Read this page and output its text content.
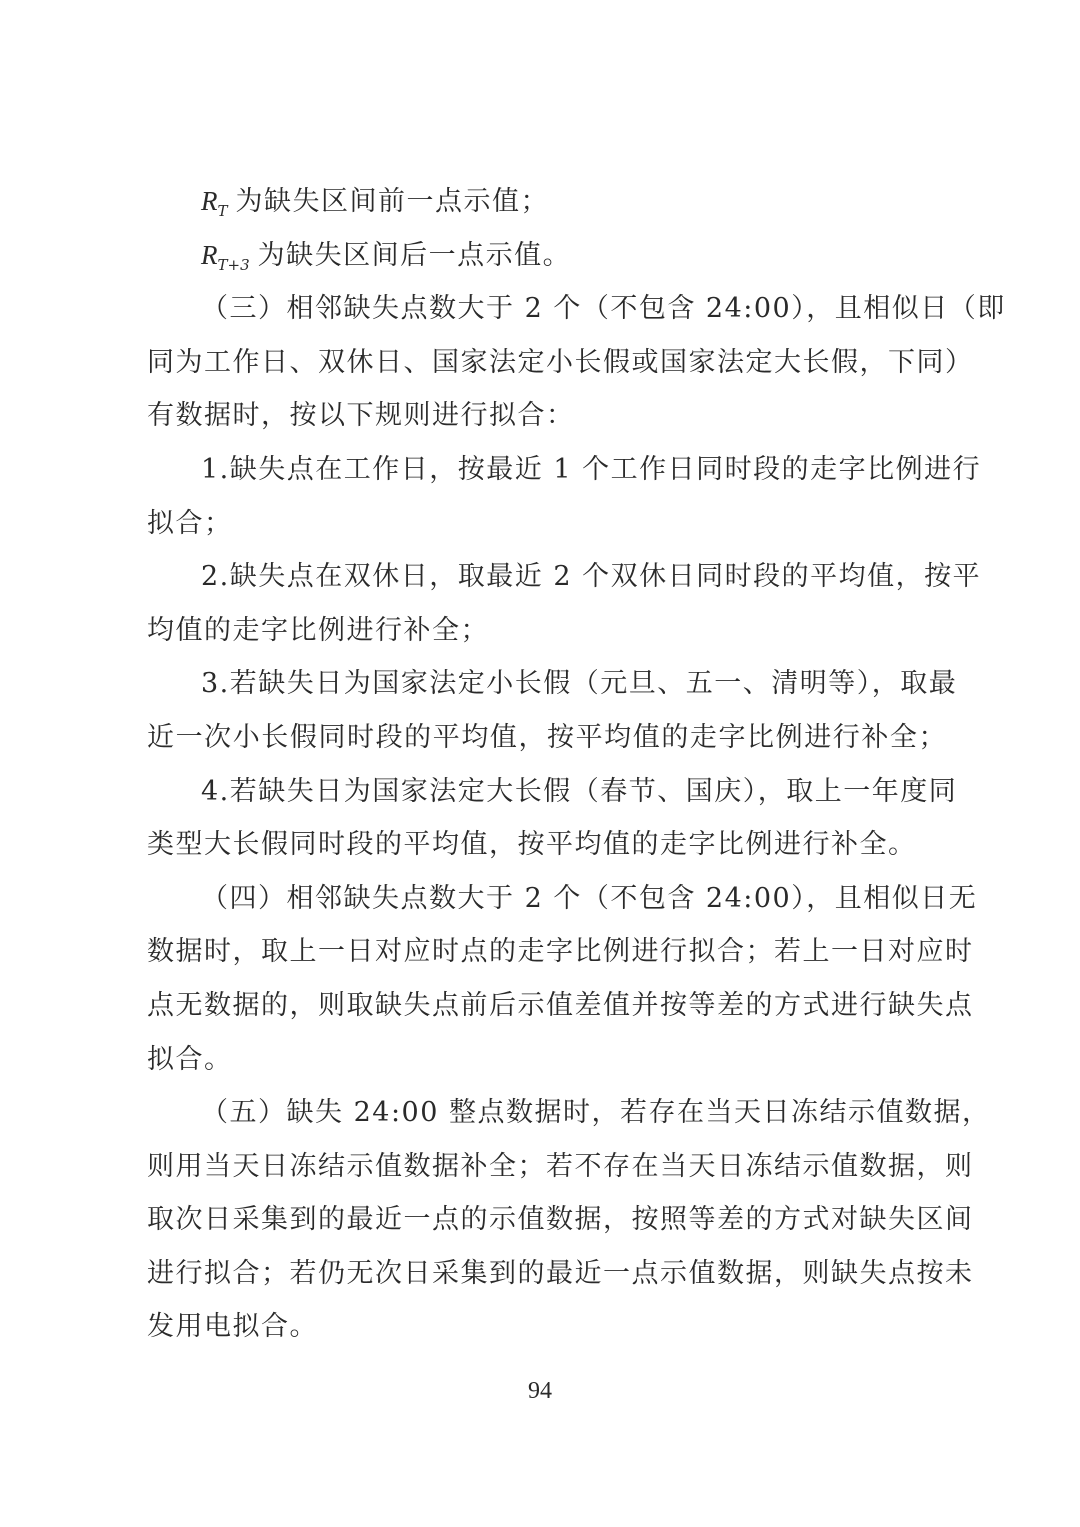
$R_T$ 为缺失区间前一点示值；
$R_{T+3}$ 为缺失区间后一点示值。
（三）相邻缺失点数大于 2 个（不包含 24:00），且相似日（即
同为工作日、双休日、国家法定小长假或国家法定大长假，下同）
有数据时，按以下规则进行拟合：
1.缺失点在工作日，按最近 1 个工作日同时段的走字比例进行
拟合；
2.缺失点在双休日，取最近 2 个双休日同时段的平均值，按平
均值的走字比例进行补全；
3.若缺失日为国家法定小长假（元旦、五一、清明等），取最
近一次小长假同时段的平均值，按平均值的走字比例进行补全；
4.若缺失日为国家法定大长假（春节、国庆），取上一年度同
类型大长假同时段的平均值，按平均值的走字比例进行补全。
（四）相邻缺失点数大于 2 个（不包含 24:00），且相似日无
数据时，取上一日对应时点的走字比例进行拟合；若上一日对应时
点无数据的，则取缺失点前后示值差值并按等差的方式进行缺失点
拟合。
（五）缺失 24:00 整点数据时，若存在当天日冻结示值数据，
则用当天日冻结示值数据补全；若不存在当天日冻结示值数据，则
取次日采集到的最近一点的示值数据，按照等差的方式对缺失区间
进行拟合；若仍无次日采集到的最近一点示值数据，则缺失点按未
发用电拟合。
94
